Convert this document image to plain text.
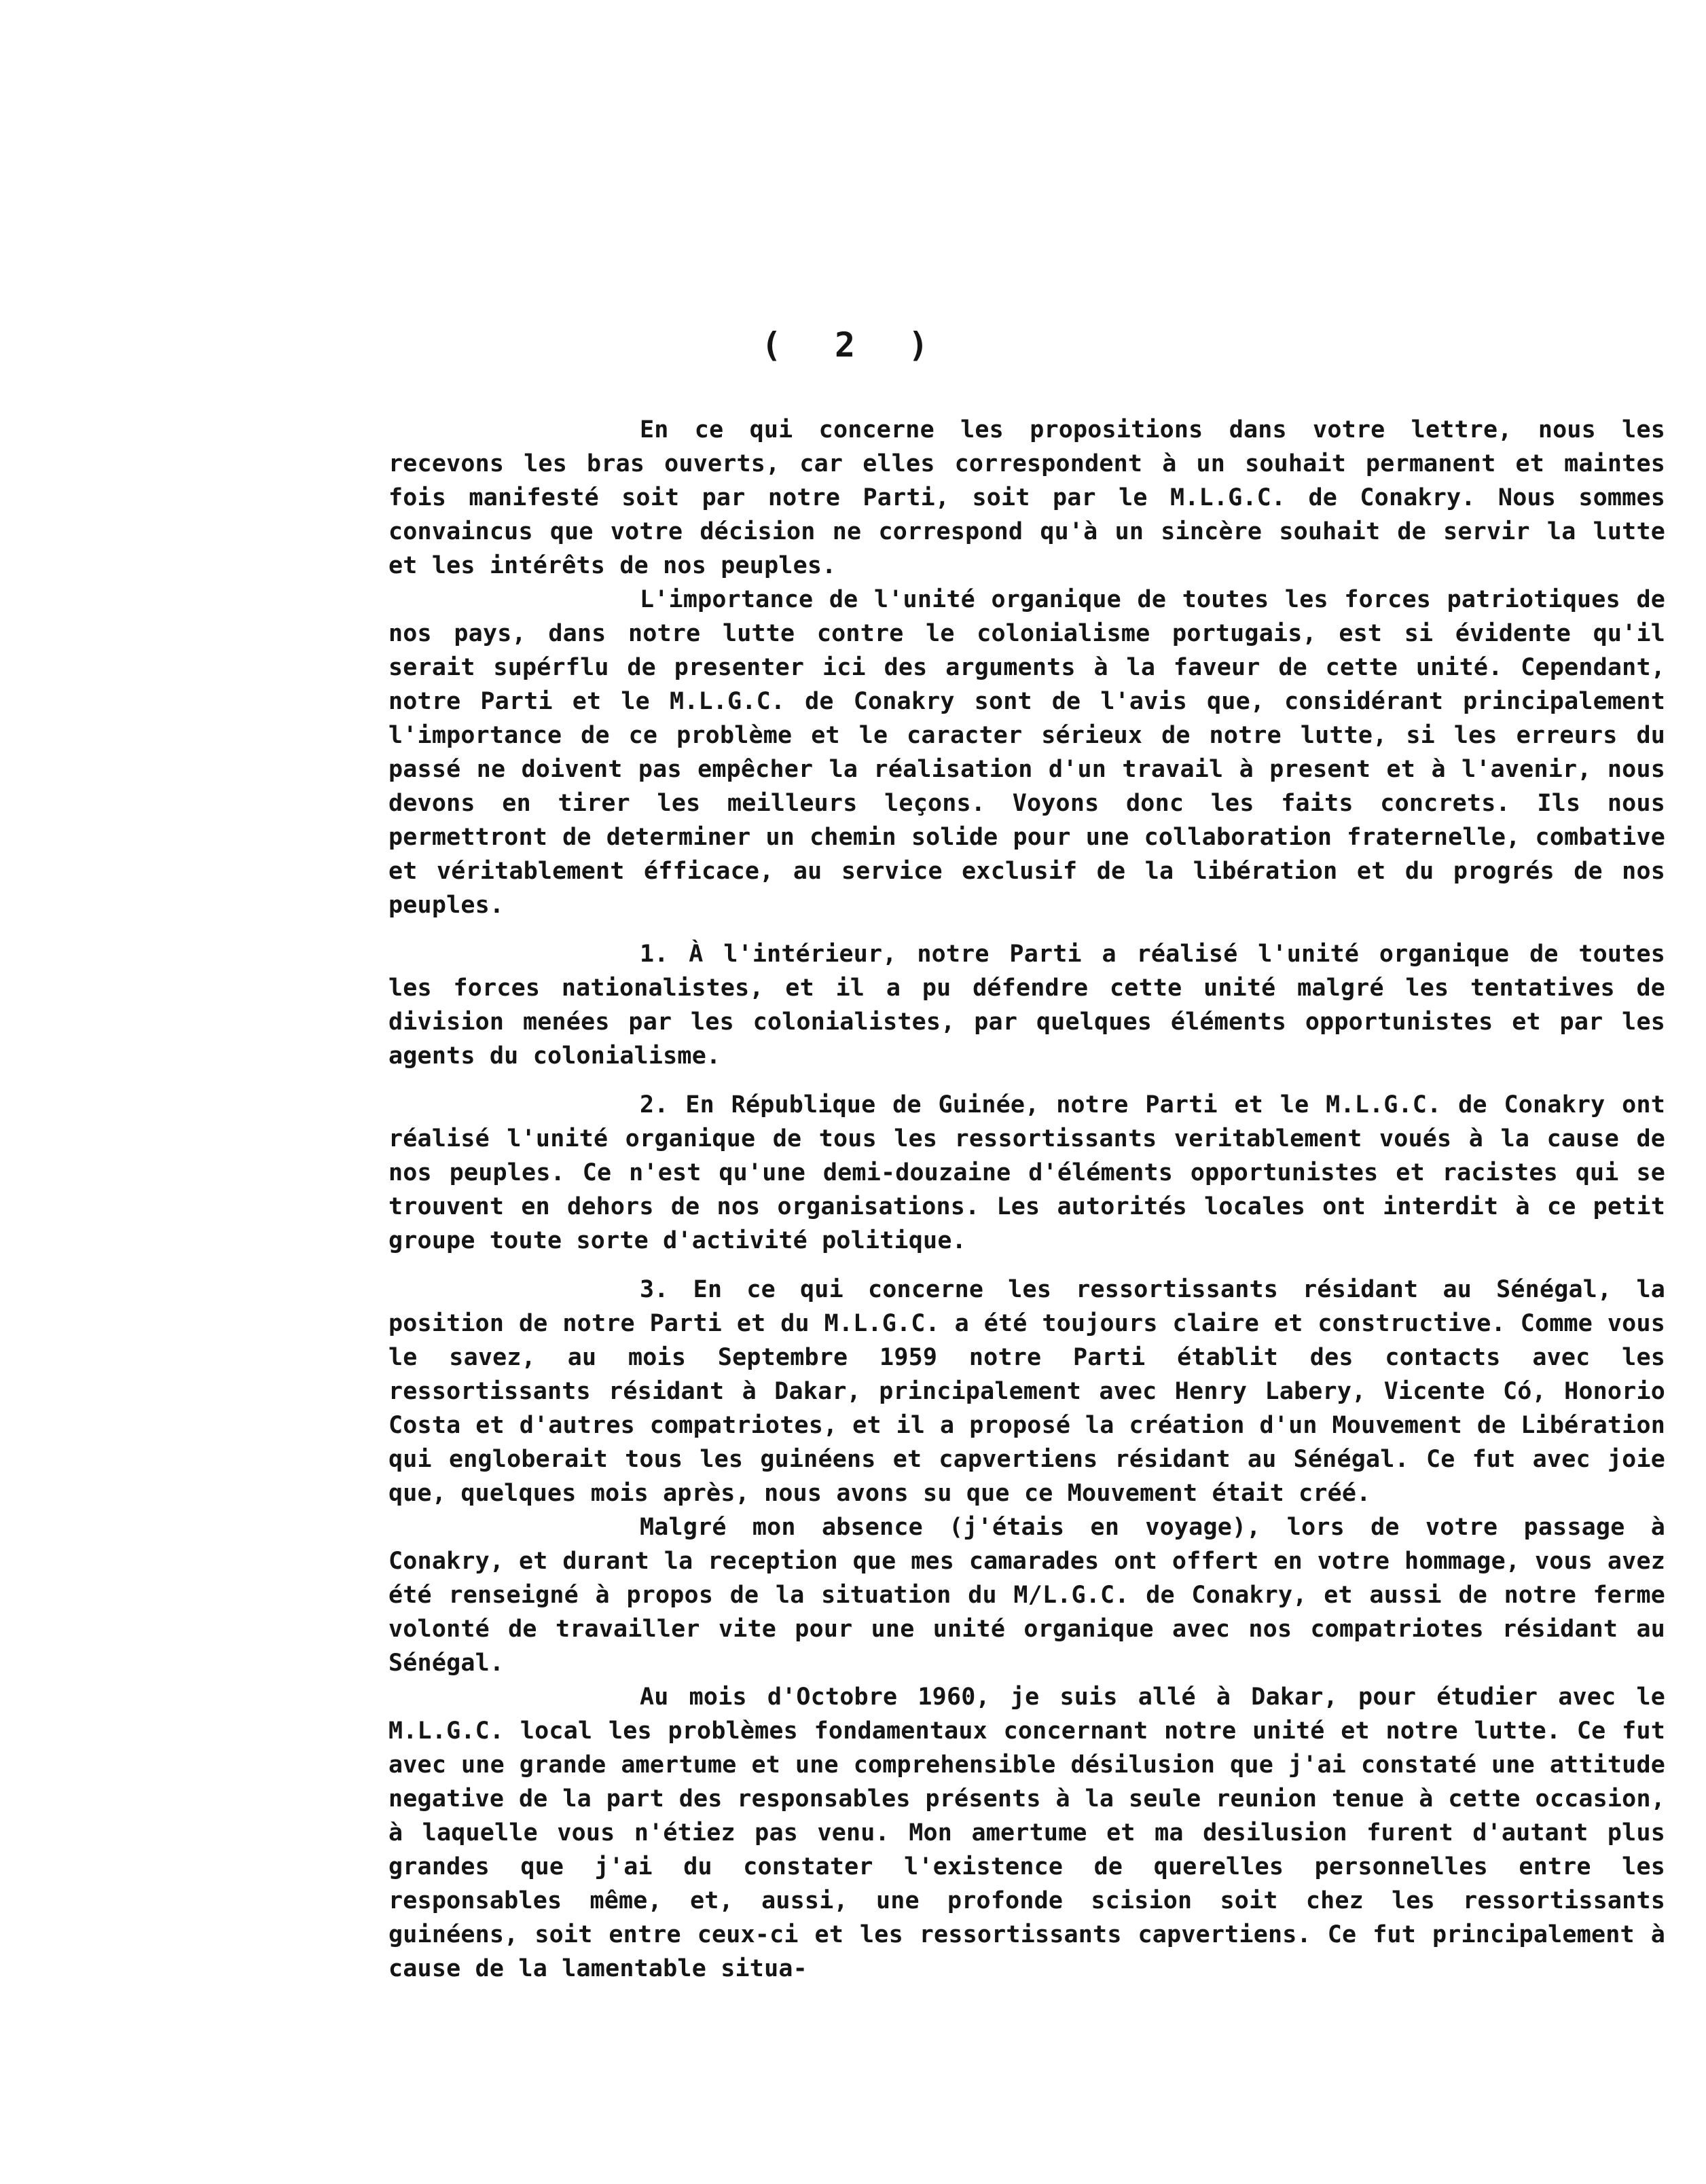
( 2 )

En ce qui concerne les propositions dans votre lettre, nous les recevons les bras ouverts, car elles correspondent à un souhait permanent et maintes fois manifesté soit par notre Parti, soit par le M.L.G.C. de Conakry. Nous sommes convaincus que votre décision ne correspond qu'à un sincère souhait de servir la lutte et les intérêts de nos peuples.

L'importance de l'unité organique de toutes les forces patriotiques de nos pays, dans notre lutte contre le colonialisme portugais, est si évidente qu'il serait supérflu de presenter ici des arguments à la faveur de cette unité. Cependant, notre Parti et le M.L.G.C. de Conakry sont de l'avis que, considérant principalement l'importance de ce problème et le caracter sérieux de notre lutte, si les erreurs du passé ne doivent pas empêcher la réalisation d'un travail à present et à l'avenir, nous devons en tirer les meilleurs leçons. Voyons donc les faits concrets. Ils nous permettront de determiner un chemin solide pour une collaboration fraternelle, combative et véritablement éfficace, au service exclusif de la libération et du progrés de nos peuples.

1. À l'intérieur, notre Parti a réalisé l'unité organique de toutes les forces nationalistes, et il a pu défendre cette unité malgré les tentatives de division menées par les colonialistes, par quelques éléments opportunistes et par les agents du colonialisme.

2. En République de Guinée, notre Parti et le M.L.G.C. de Conakry ont réalisé l'unité organique de tous les ressortissants veritablement voués à la cause de nos peuples. Ce n'est qu'une demi-douzaine d'éléments opportunistes et racistes qui se trouvent en dehors de nos organisations. Les autorités locales ont interdit à ce petit groupe toute sorte d'activité politique.

3. En ce qui concerne les ressortissants résidant au Sénégal, la position de notre Parti et du M.L.G.C. a été toujours claire et constructive. Comme vous le savez, au mois Septembre 1959 notre Parti établit des contacts avec les ressortissants résidant à Dakar, principalement avec Henry Labery, Vicente Có, Honorio Costa et d'autres compatriotes, et il a proposé la création d'un Mouvement de Libération qui engloberait tous les guinéens et capvertiens résidant au Sénégal. Ce fut avec joie que, quelques mois après, nous avons su que ce Mouvement était créé.

Malgré mon absence (j'étais en voyage), lors de votre passage à Conakry, et durant la reception que mes camarades ont offert en votre hommage, vous avez été renseigné à propos de la situation du M/L.G.C. de Conakry, et aussi de notre ferme volonté de travailler vite pour une unité organique avec nos compatriotes résidant au Sénégal.

Au mois d'Octobre 1960, je suis allé à Dakar, pour étudier avec le M.L.G.C. local les problèmes fondamentaux concernant notre unité et notre lutte. Ce fut avec une grande amertume et une comprehensible désilusion que j'ai constaté une attitude negative de la part des responsables présents à la seule reunion tenue à cette occasion, à laquelle vous n'étiez pas venu. Mon amertume et ma desilusion furent d'autant plus grandes que j'ai du constater l'existence de querelles personnelles entre les responsables même, et, aussi, une profonde scision soit chez les ressortissants guinéens, soit entre ceux-ci et les ressortissants capvertiens. Ce fut principalement à cause de la lamentable situa-
